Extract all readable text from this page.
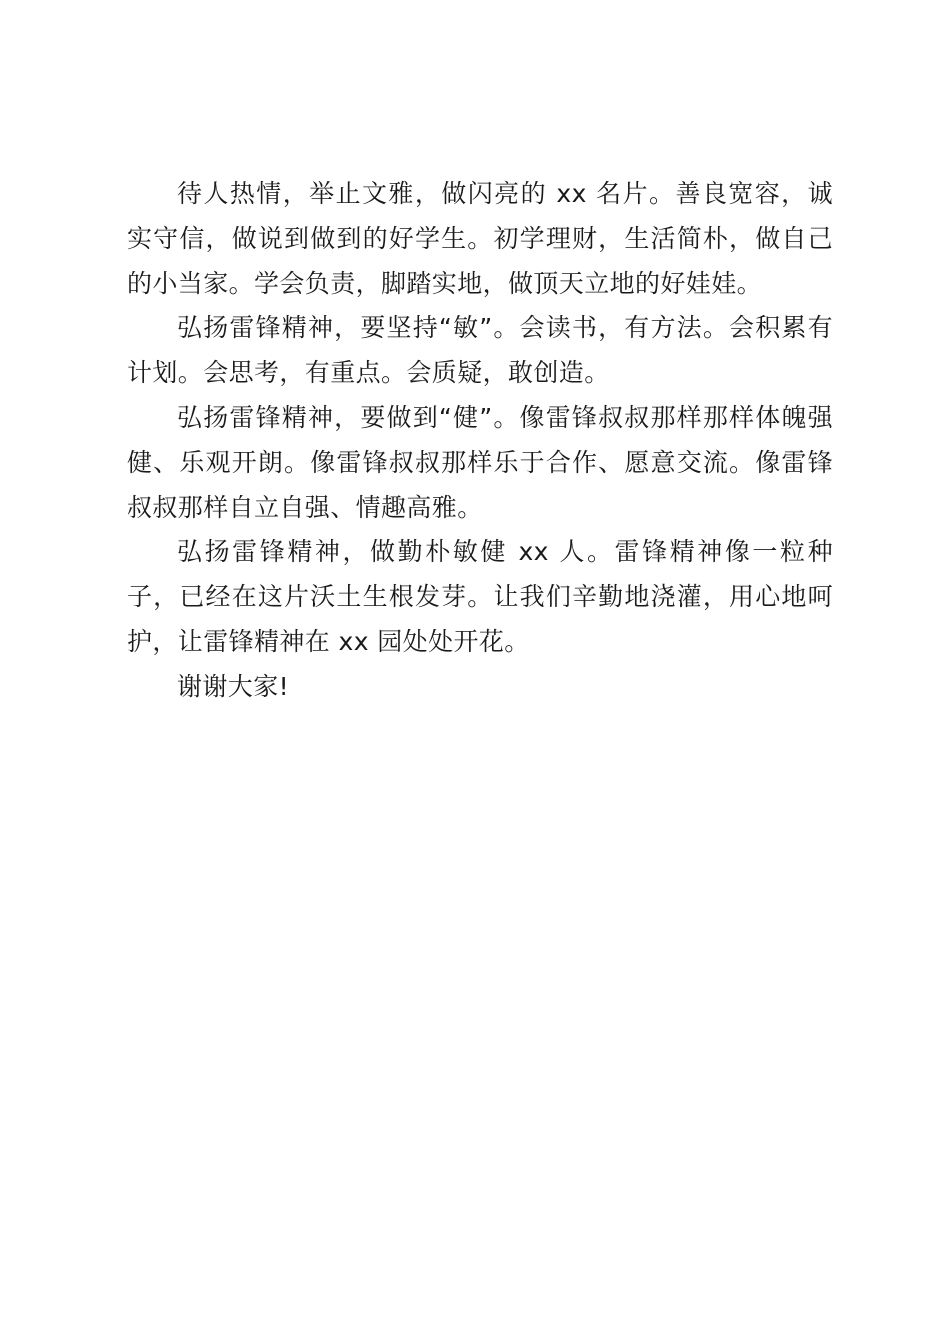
待人热情，举止文雅，做闪亮的 xx 名片。善良宽容，诚实守信，做说到做到的好学生。初学理财，生活简朴，做自己的小当家。学会负责，脚踏实地，做顶天立地的好娃娃。

弘扬雷锋精神，要坚持“敏”。会读书，有方法。会积累有计划。会思考，有重点。会质疑，敢创造。

弘扬雷锋精神，要做到“健”。像雷锋叔叔那样那样体魄强健、乐观开朗。像雷锋叔叔那样乐于合作、愿意交流。像雷锋叔叔那样自立自强、情趣高雅。

弘扬雷锋精神，做勤朴敏健 xx 人。雷锋精神像一粒种子，已经在这片沃土生根发芽。让我们辛勤地浇灌，用心地呵护，让雷锋精神在 xx 园处处开花。

谢谢大家!
